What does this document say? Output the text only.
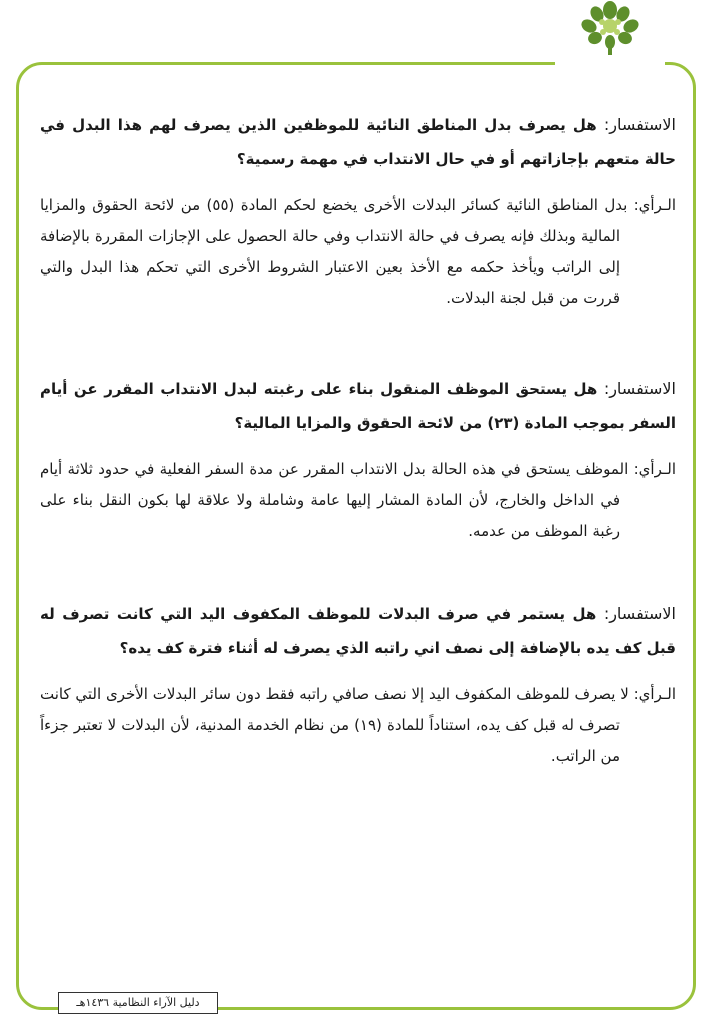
الاستفسار: هل يصرف بدل المناطق النائية للموظفين الذين يصرف لهم هذا البدل في حالة متعهم بإجازاتهم أو في حال الانتداب في مهمة رسمية؟

الـرأي: بدل المناطق النائية كسائر البدلات الأخرى يخضع لحكم المادة (٥٥) من لائحة الحقوق والمزايا المالية وبذلك فإنه يصرف في حالة الانتداب وفي حالة الحصول على الإجازات المقررة بالإضافة إلى الراتب ويأخذ حكمه مع الأخذ بعين الاعتبار الشروط الأخرى التي تحكم هذا البدل والتي قررت من قبل لجنة البدلات.

الاستفسار: هل يستحق الموظف المنقول بناء على رغبته لبدل الانتداب المقرر عن أيام السفر بموجب المادة (٢٣) من لائحة الحقوق والمزايا المالية؟

الـرأي: الموظف يستحق في هذه الحالة بدل الانتداب المقرر عن مدة السفر الفعلية في حدود ثلاثة أيام في الداخل والخارج، لأن المادة المشار إليها عامة وشاملة ولا علاقة لها بكون النقل بناء على رغبة الموظف من عدمه.

الاستفسار: هل يستمر في صرف البدلات للموظف المكفوف اليد التي كانت تصرف له قبل كف يده بالإضافة إلى نصف اني راتبه الذي يصرف له أثناء فترة كف يده؟

الـرأي: لا يصرف للموظف المكفوف اليد إلا نصف صافي راتبه فقط دون سائر البدلات الأخرى التي كانت تصرف له قبل كف يده، استناداً للمادة (١٩) من نظام الخدمة المدنية، لأن البدلات لا تعتبر جزءاً من الراتب.

دليل الآراء النظامية ١٤٣٦هـ
